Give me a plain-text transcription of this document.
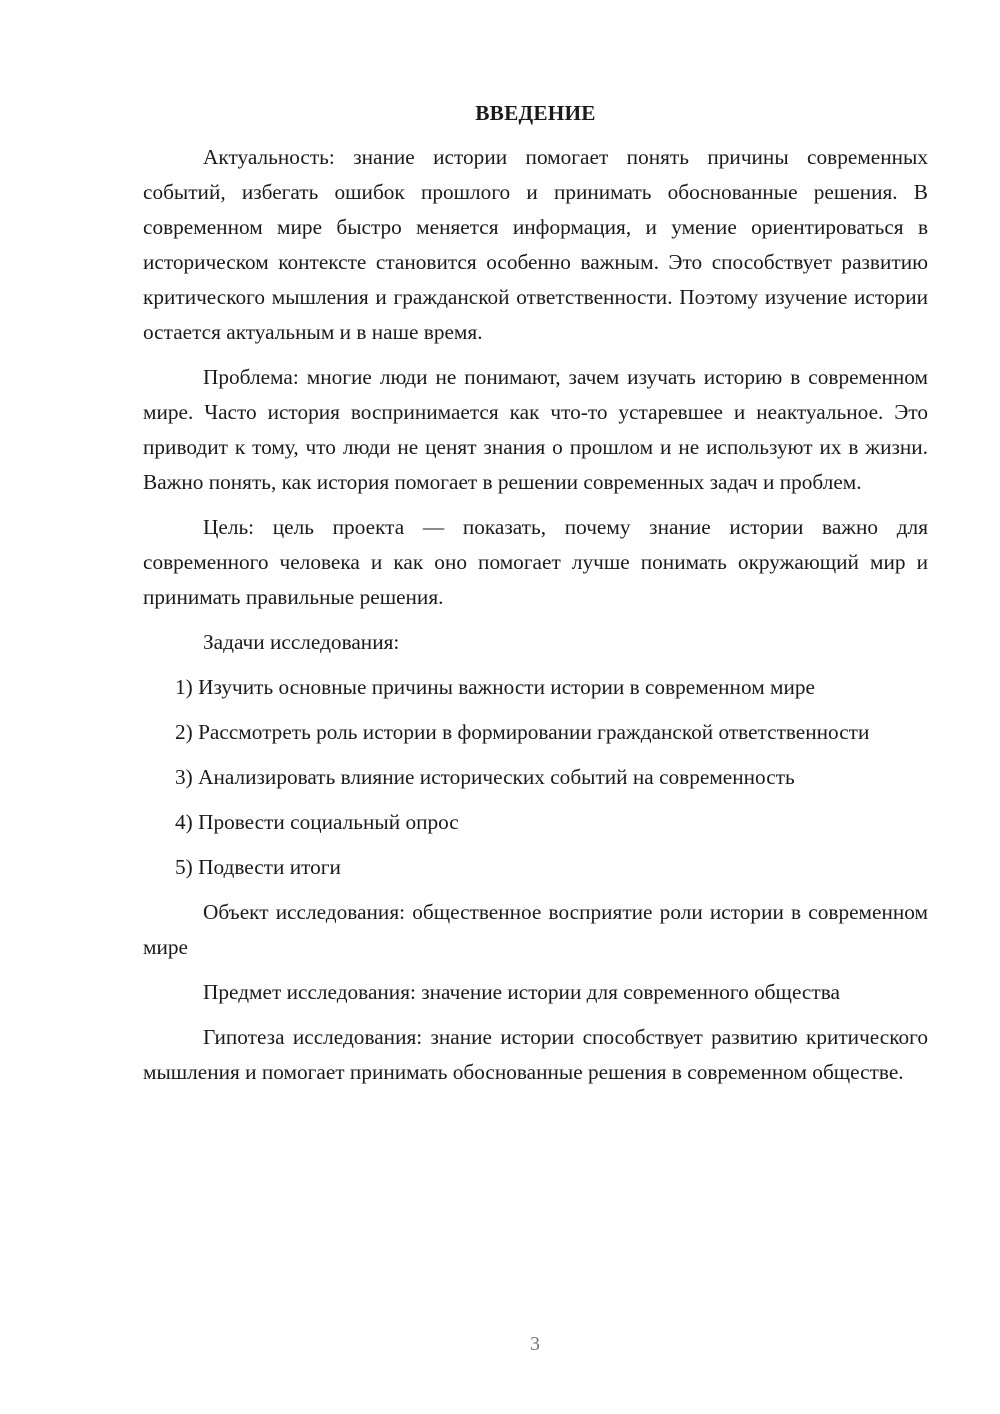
ВВЕДЕНИЕ

Актуальность: знание истории помогает понять причины современных событий, избегать ошибок прошлого и принимать обоснованные решения. В современном мире быстро меняется информация, и умение ориентироваться в историческом контексте становится особенно важным. Это способствует развитию критического мышления и гражданской ответственности. Поэтому изучение истории остается актуальным и в наше время.

Проблема: многие люди не понимают, зачем изучать историю в современном мире. Часто история воспринимается как что-то устаревшее и неактуальное. Это приводит к тому, что люди не ценят знания о прошлом и не используют их в жизни. Важно понять, как история помогает в решении современных задач и проблем.

Цель: цель проекта — показать, почему знание истории важно для современного человека и как оно помогает лучше понимать окружающий мир и принимать правильные решения.

Задачи исследования:

1) Изучить основные причины важности истории в современном мире

2) Рассмотреть роль истории в формировании гражданской ответственности

3) Анализировать влияние исторических событий на современность

4) Провести социальный опрос

5) Подвести итоги

Объект исследования: общественное восприятие роли истории в современном мире

Предмет исследования: значение истории для современного общества

Гипотеза исследования: знание истории способствует развитию критического мышления и помогает принимать обоснованные решения в современном обществе.

3
